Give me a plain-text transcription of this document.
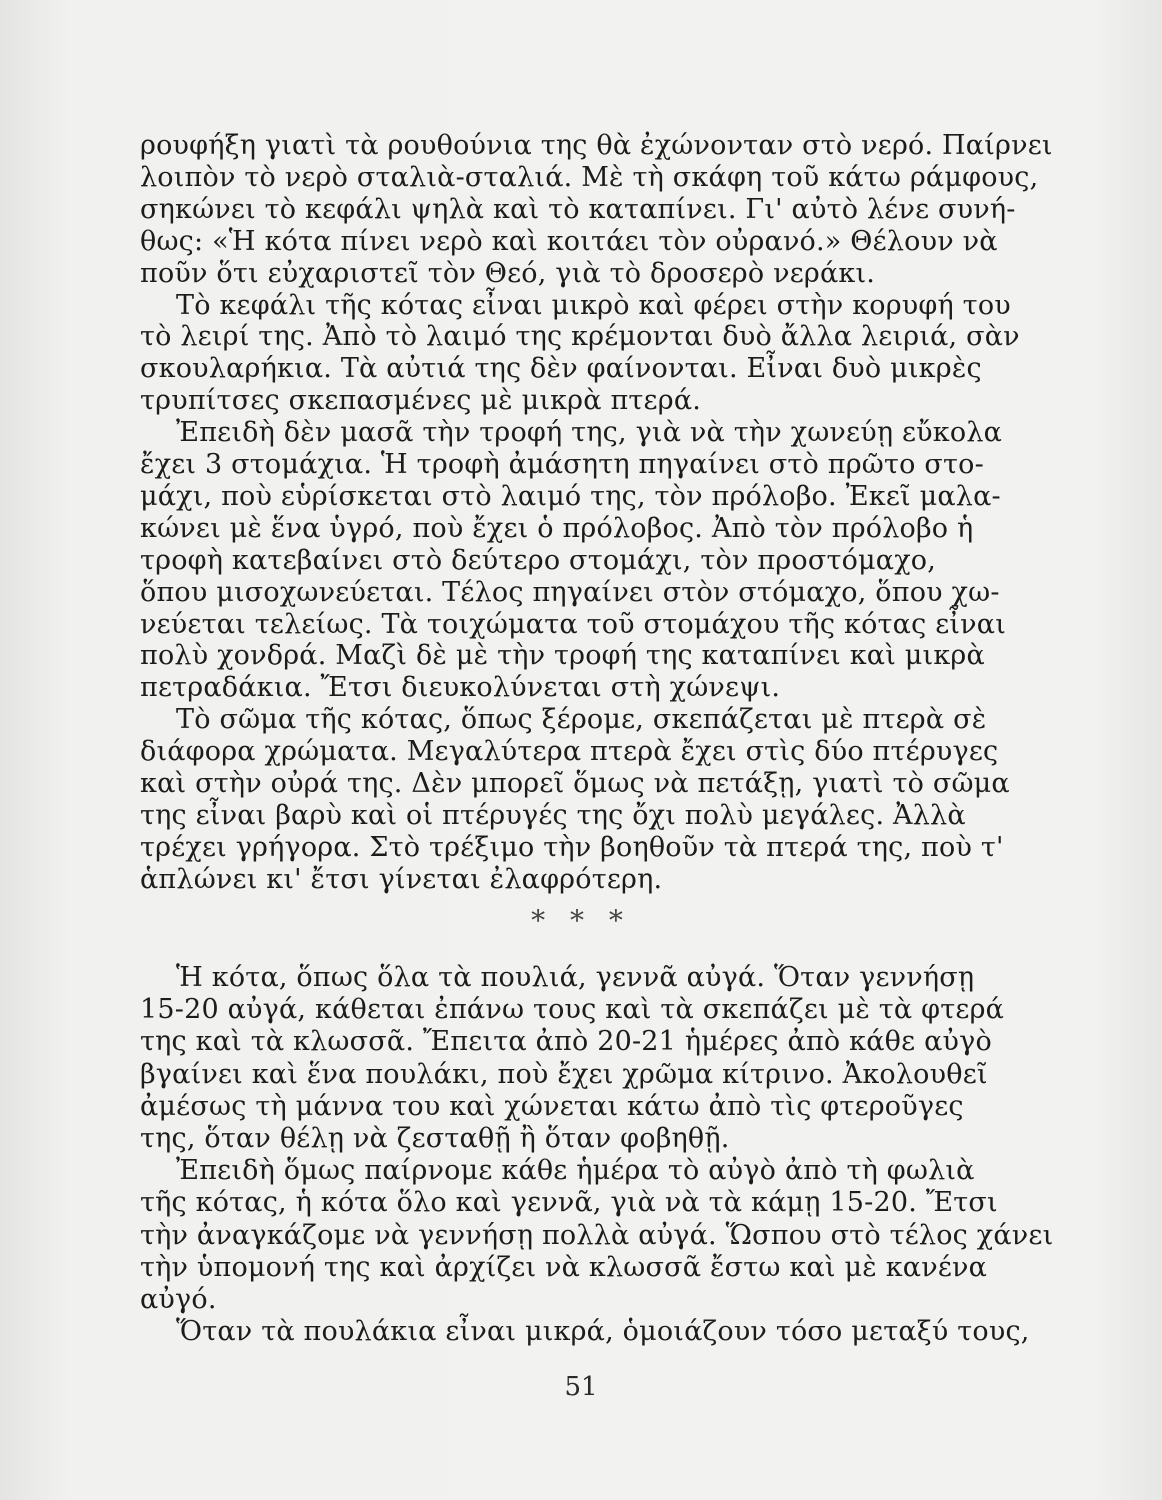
ρουφήξη γιατὶ τὰ ρουθούνια της θὰ ἐχώνονταν στὸ νερό. Παίρνει
λοιπὸν τὸ νερὸ σταλιὰ-σταλιά. Μὲ τὴ σκάφη τοῦ κάτω ράμφους,
σηκώνει τὸ κεφάλι ψηλὰ καὶ τὸ καταπίνει. Γι' αὐτὸ λένε συνή-
θως: «Ἡ κότα πίνει νερὸ καὶ κοιτάει τὸν οὐρανό.» Θέλουν νὰ
ποῦν ὅτι εὐχαριστεῖ τὸν Θεό, γιὰ τὸ δροσερὸ νεράκι.
Τὸ κεφάλι τῆς κότας εἶναι μικρὸ καὶ φέρει στὴν κορυφή του
τὸ λειρί της. Ἀπὸ τὸ λαιμό της κρέμονται δυὸ ἄλλα λειριά, σὰν
σκουλαρήκια. Τὰ αὐτιά της δὲν φαίνονται. Εἶναι δυὸ μικρὲς
τρυπίτσες σκεπασμένες μὲ μικρὰ πτερά.
Ἐπειδὴ δὲν μασᾶ τὴν τροφή της, γιὰ νὰ τὴν χωνεύῃ εὔκολα
ἔχει 3 στομάχια. Ἡ τροφὴ ἀμάσητη πηγαίνει στὸ πρῶτο στο-
μάχι, ποὺ εὑρίσκεται στὸ λαιμό της, τὸν πρόλοβο. Ἐκεῖ μαλα-
κώνει μὲ ἕνα ὑγρό, ποὺ ἔχει ὁ πρόλοβος. Ἀπὸ τὸν πρόλοβο ἡ
τροφὴ κατεβαίνει στὸ δεύτερο στομάχι, τὸν προστόμαχο,
ὅπου μισοχωνεύεται. Τέλος πηγαίνει στὸν στόμαχο, ὅπου χω-
νεύεται τελείως. Τὰ τοιχώματα τοῦ στομάχου τῆς κότας εἶναι
πολὺ χονδρά. Μαζὶ δὲ μὲ τὴν τροφή της καταπίνει καὶ μικρὰ
πετραδάκια. Ἔτσι διευκολύνεται στὴ χώνεψι.
Τὸ σῶμα τῆς κότας, ὅπως ξέρομε, σκεπάζεται μὲ πτερὰ σὲ
διάφορα χρώματα. Μεγαλύτερα πτερὰ ἔχει στὶς δύο πτέρυγες
καὶ στὴν οὐρά της. Δὲν μπορεῖ ὅμως νὰ πετάξῃ, γιατὶ τὸ σῶμα
της εἶναι βαρὺ καὶ οἱ πτέρυγές της ὄχι πολὺ μεγάλες. Ἀλλὰ
τρέχει γρήγορα. Στὸ τρέξιμο τὴν βοηθοῦν τὰ πτερά της, ποὺ τ'
ἁπλώνει κι' ἔτσι γίνεται ἐλαφρότερη.
* * *
Ἡ κότα, ὅπως ὅλα τὰ πουλιά, γεννᾶ αὐγά. Ὅταν γεννήσῃ
15-20 αὐγά, κάθεται ἐπάνω τους καὶ τὰ σκεπάζει μὲ τὰ φτερά
της καὶ τὰ κλωσσᾶ. Ἔπειτα ἀπὸ 20-21 ἡμέρες ἀπὸ κάθε αὐγὸ
βγαίνει καὶ ἕνα πουλάκι, ποὺ ἔχει χρῶμα κίτρινο. Ἀκολουθεῖ
ἀμέσως τὴ μάννα του καὶ χώνεται κάτω ἀπὸ τὶς φτεροῦγες
της, ὅταν θέλῃ νὰ ζεσταθῇ ἢ ὅταν φοβηθῇ.
Ἐπειδὴ ὅμως παίρνομε κάθε ἡμέρα τὸ αὐγὸ ἀπὸ τὴ φωλιὰ
τῆς κότας, ἡ κότα ὅλο καὶ γεννᾶ, γιὰ νὰ τὰ κάμῃ 15-20. Ἔτσι
τὴν ἀναγκάζομε νὰ γεννήσῃ πολλὰ αὐγά. Ὥσπου στὸ τέλος χάνει
τὴν ὑπομονή της καὶ ἀρχίζει νὰ κλωσσᾶ ἔστω καὶ μὲ κανένα
αὐγό.
Ὅταν τὰ πουλάκια εἶναι μικρά, ὁμοιάζουν τόσο μεταξύ τους,
51
